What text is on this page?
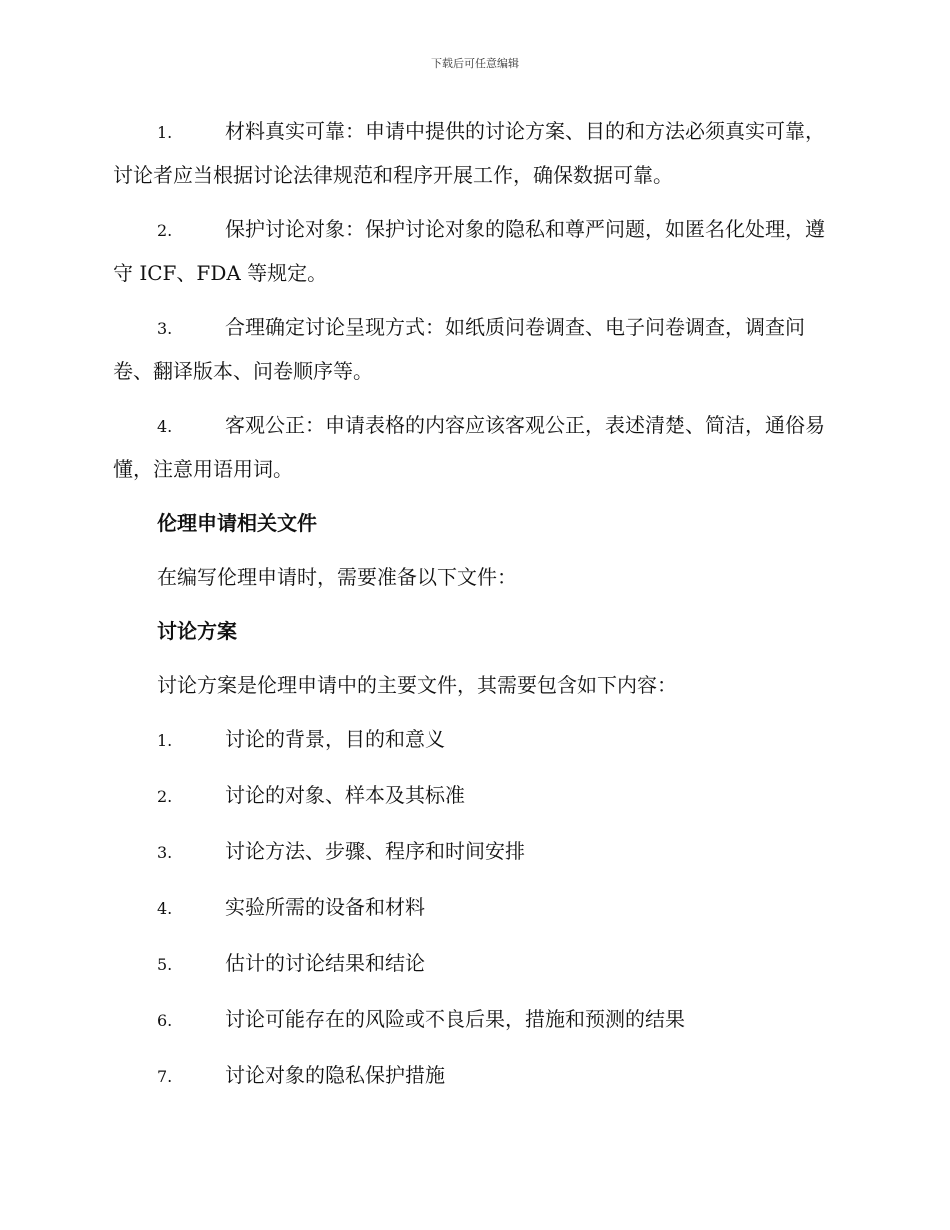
下载后可任意编辑
1.	材料真实可靠：申请中提供的讨论方案、目的和方法必须真实可靠，讨论者应当根据讨论法律规范和程序开展工作，确保数据可靠。
2.	保护讨论对象：保护讨论对象的隐私和尊严问题，如匿名化处理，遵守 ICF、FDA 等规定。
3.	合理确定讨论呈现方式：如纸质问卷调查、电子问卷调查，调查问卷、翻译版本、问卷顺序等。
4.	客观公正：申请表格的内容应该客观公正，表述清楚、简洁，通俗易懂，注意用语用词。
伦理申请相关文件
在编写伦理申请时，需要准备以下文件：
讨论方案
讨论方案是伦理申请中的主要文件，其需要包含如下内容：
1.	讨论的背景，目的和意义
2.	讨论的对象、样本及其标准
3.	讨论方法、步骤、程序和时间安排
4.	实验所需的设备和材料
5.	估计的讨论结果和结论
6.	讨论可能存在的风险或不良后果，措施和预测的结果
7.	讨论对象的隐私保护措施
